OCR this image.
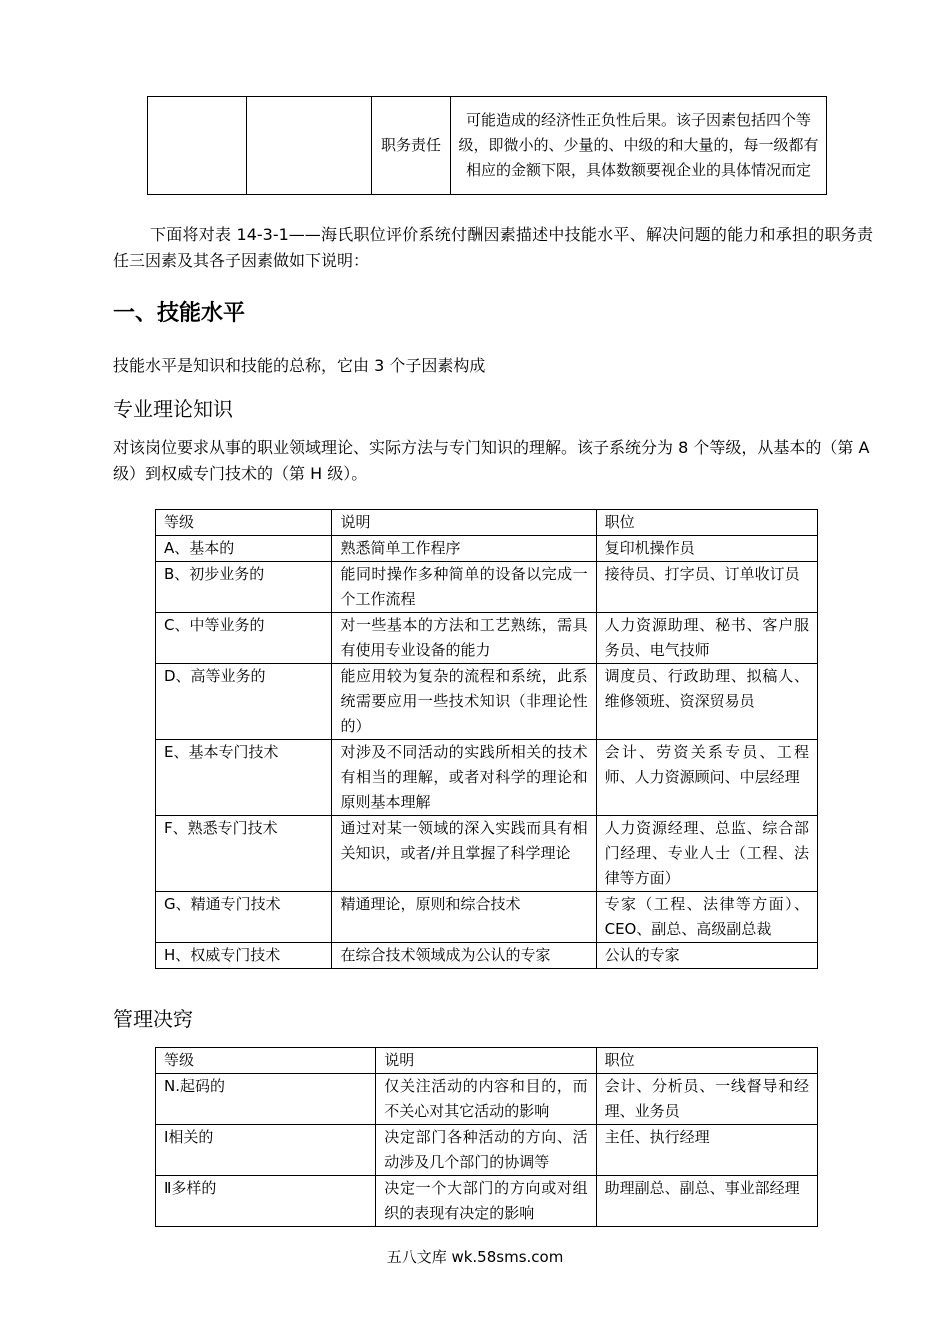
		职务责任	可能造成的经济性正负性后果。该子因素包括四个等级，即微小的、少量的、中级的和大量的，每一级都有相应的金额下限，具体数额要视企业的具体情况而定
下面将对表 14-3-1——海氏职位评价系统付酬因素描述中技能水平、解决问题的能力和承担的职务责任三因素及其各子因素做如下说明：
一、技能水平
技能水平是知识和技能的总称，它由 3 个子因素构成
专业理论知识
对该岗位要求从事的职业领域理论、实际方法与专门知识的理解。该子系统分为 8 个等级，从基本的（第 A 级）到权威专门技术的（第 H 级）。
等级	说明	职位
A、基本的	熟悉简单工作程序	复印机操作员
B、初步业务的	能同时操作多种简单的设备以完成一个工作流程	接待员、打字员、订单收订员
C、中等业务的	对一些基本的方法和工艺熟练，需具有使用专业设备的能力	人力资源助理、秘书、客户服务员、电气技师
D、高等业务的	能应用较为复杂的流程和系统，此系统需要应用一些技术知识（非理论性的）	调度员、行政助理、拟稿人、维修领班、资深贸易员
E、基本专门技术	对涉及不同活动的实践所相关的技术有相当的理解，或者对科学的理论和原则基本理解	会计、劳资关系专员、工程师、人力资源顾问、中层经理
F、熟悉专门技术	通过对某一领域的深入实践而具有相关知识，或者/并且掌握了科学理论	人力资源经理、总监、综合部门经理、专业人士（工程、法律等方面）
G、精通专门技术	精通理论，原则和综合技术	专家（工程、法律等方面）、CEO、副总、高级副总裁
H、权威专门技术	在综合技术领域成为公认的专家	公认的专家
管理决窍
等级	说明	职位
N.起码的	仅关注活动的内容和目的，而不关心对其它活动的影响	会计、分析员、一线督导和经理、业务员
Ⅰ相关的	决定部门各种活动的方向、活动涉及几个部门的协调等	主任、执行经理
Ⅱ多样的	决定一个大部门的方向或对组织的表现有决定的影响	助理副总、副总、事业部经理
五八文库 wk.58sms.com
